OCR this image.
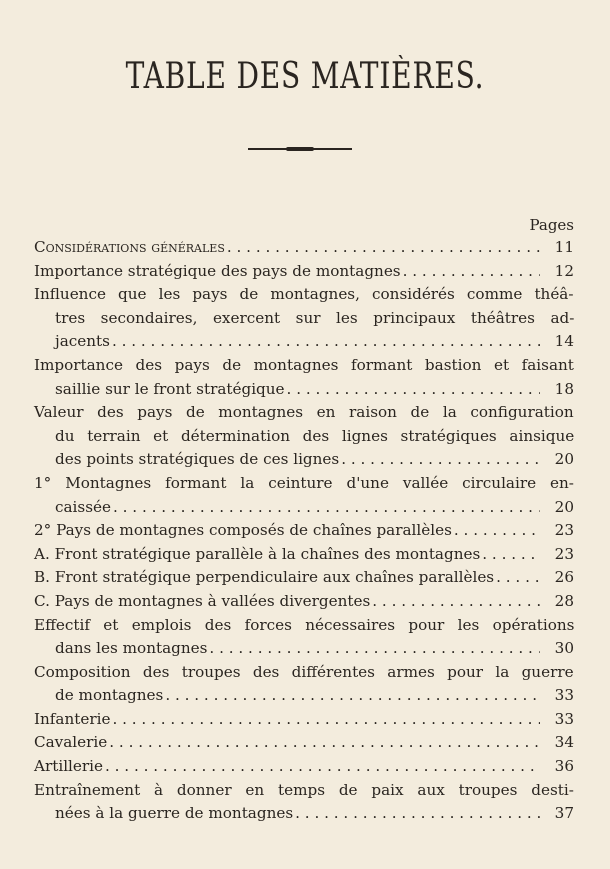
TABLE DES MATIÈRES.
Pages
Considérations générales . . .	11
Importance stratégique des pays de montagnes . . .	12
Influence que les pays de montagnes, considérés comme théâ-
tres secondaires, exercent sur les principaux théâtres ad-
jacents . . .	14
Importance des pays de montagnes formant bastion et faisant
saillie sur le front stratégique . . .	18
Valeur des pays de montagnes en raison de la configuration
du terrain et détermination des lignes stratégiques ainsique
des points stratégiques de ces lignes . . .	20
1° Montagnes formant la ceinture d'une vallée circulaire en-
caissée . . .	20
2° Pays de montagnes composés de chaînes parallèles . . .	23
A. Front stratégique parallèle à la chaînes des montagnes . . .	23
B. Front stratégique perpendiculaire aux chaînes parallèles . . .	26
C. Pays de montagnes à vallées divergentes . . .	28
Effectif et emplois des forces nécessaires pour les opérations
dans les montagnes . . .	30
Composition des troupes des différentes armes pour la guerre
de montagnes . . .	33
Infanterie . . .	33
Cavalerie . . .	34
Artillerie . . .	36
Entraînement à donner en temps de paix aux troupes desti-
nées à la guerre de montagnes . . .	37
